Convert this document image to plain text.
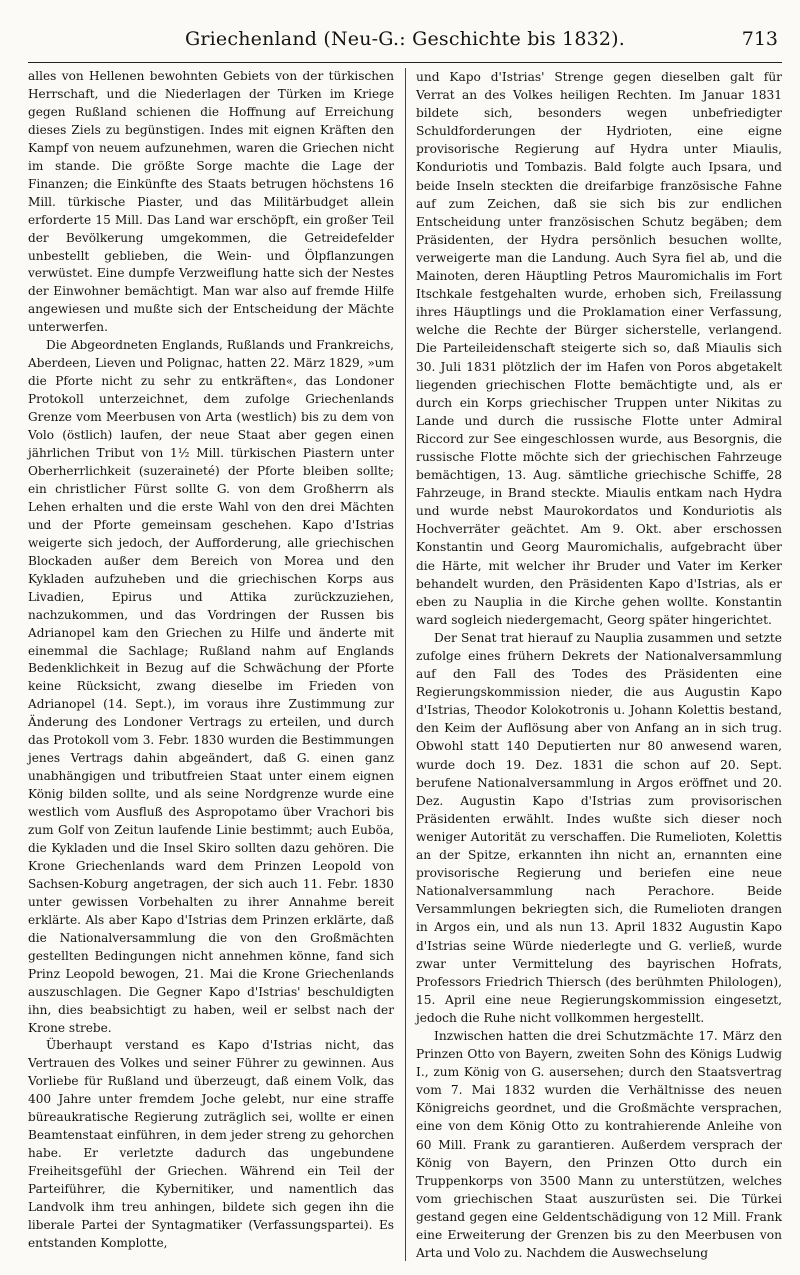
Griechenland (Neu-G.: Geschichte bis 1832).	713

alles von Hellenen bewohnten Gebiets von der türkischen Herrschaft, und die Niederlagen der Türken im Kriege gegen Rußland schienen die Hoffnung auf Erreichung dieses Ziels zu begünstigen. Indes mit eignen Kräften den Kampf von neuem aufzunehmen, waren die Griechen nicht im stande. Die größte Sorge machte die Lage der Finanzen; die Einkünfte des Staats betrugen höchstens 16 Mill. türkische Piaster, und das Militärbudget allein erforderte 15 Mill. Das Land war erschöpft, ein großer Teil der Bevölkerung umgekommen, die Getreidefelder unbestellt geblieben, die Wein- und Ölpflanzungen verwüstet. Eine dumpfe Verzweiflung hatte sich der Nestes der Einwohner bemächtigt. Man war also auf fremde Hilfe angewiesen und mußte sich der Entscheidung der Mächte unterwerfen.

Die Abgeordneten Englands, Rußlands und Frankreichs, Aberdeen, Lieven und Polignac, hatten 22. März 1829, »um die Pforte nicht zu sehr zu entkräften«, das Londoner Protokoll unterzeichnet, dem zufolge Griechenlands Grenze vom Meerbusen von Arta (westlich) bis zu dem von Volo (östlich) laufen, der neue Staat aber gegen einen jährlichen Tribut von 1½ Mill. türkischen Piastern unter Oberherrlichkeit (suzeraineté) der Pforte bleiben sollte; ein christlicher Fürst sollte G. von dem Großherrn als Lehen erhalten und die erste Wahl von den drei Mächten und der Pforte gemeinsam geschehen. Kapo d'Istrias weigerte sich jedoch, der Aufforderung, alle griechischen Blockaden außer dem Bereich von Morea und den Kykladen aufzuheben und die griechischen Korps aus Livadien, Epirus und Attika zurückzuziehen, nachzukommen, und das Vordringen der Russen bis Adrianopel kam den Griechen zu Hilfe und änderte mit einemmal die Sachlage; Rußland nahm auf Englands Bedenklichkeit in Bezug auf die Schwächung der Pforte keine Rücksicht, zwang dieselbe im Frieden von Adrianopel (14. Sept.), im voraus ihre Zustimmung zur Änderung des Londoner Vertrags zu erteilen, und durch das Protokoll vom 3. Febr. 1830 wurden die Bestimmungen jenes Vertrags dahin abgeändert, daß G. einen ganz unabhängigen und tributfreien Staat unter einem eignen König bilden sollte, und als seine Nordgrenze wurde eine westlich vom Ausfluß des Aspropotamo über Vrachori bis zum Golf von Zeitun laufende Linie bestimmt; auch Euböa, die Kykladen und die Insel Skiro sollten dazu gehören. Die Krone Griechenlands ward dem Prinzen Leopold von Sachsen-Koburg angetragen, der sich auch 11. Febr. 1830 unter gewissen Vorbehalten zu ihrer Annahme bereit erklärte. Als aber Kapo d'Istrias dem Prinzen erklärte, daß die Nationalversammlung die von den Großmächten gestellten Bedingungen nicht annehmen könne, fand sich Prinz Leopold bewogen, 21. Mai die Krone Griechenlands auszuschlagen. Die Gegner Kapo d'Istrias' beschuldigten ihn, dies beabsichtigt zu haben, weil er selbst nach der Krone strebe.

Überhaupt verstand es Kapo d'Istrias nicht, das Vertrauen des Volkes und seiner Führer zu gewinnen. Aus Vorliebe für Rußland und überzeugt, daß einem Volk, das 400 Jahre unter fremdem Joche gelebt, nur eine straffe büreaukratische Regierung zuträglich sei, wollte er einen Beamtenstaat einführen, in dem jeder streng zu gehorchen habe. Er verletzte dadurch das ungebundene Freiheitsgefühl der Griechen. Während ein Teil der Parteiführer, die Kybernitiker, und namentlich das Landvolk ihm treu anhingen, bildete sich gegen ihn die liberale Partei der Syntagmatiker (Verfassungspartei). Es entstanden Komplotte,

und Kapo d'Istrias' Strenge gegen dieselben galt für Verrat an des Volkes heiligen Rechten. Im Januar 1831 bildete sich, besonders wegen unbefriedigter Schuldforderungen der Hydrioten, eine eigne provisorische Regierung auf Hydra unter Miaulis, Konduriotis und Tombazis. Bald folgte auch Ipsara, und beide Inseln steckten die dreifarbige französische Fahne auf zum Zeichen, daß sie sich bis zur endlichen Entscheidung unter französischen Schutz begäben; dem Präsidenten, der Hydra persönlich besuchen wollte, verweigerte man die Landung. Auch Syra fiel ab, und die Mainoten, deren Häuptling Petros Mauromichalis im Fort Itschkale festgehalten wurde, erhoben sich, Freilassung ihres Häuptlings und die Proklamation einer Verfassung, welche die Rechte der Bürger sicherstelle, verlangend. Die Parteileidenschaft steigerte sich so, daß Miaulis sich 30. Juli 1831 plötzlich der im Hafen von Poros abgetakelt liegenden griechischen Flotte bemächtigte und, als er durch ein Korps griechischer Truppen unter Nikitas zu Lande und durch die russische Flotte unter Admiral Riccord zur See eingeschlossen wurde, aus Besorgnis, die russische Flotte möchte sich der griechischen Fahrzeuge bemächtigen, 13. Aug. sämtliche griechische Schiffe, 28 Fahrzeuge, in Brand steckte. Miaulis entkam nach Hydra und wurde nebst Maurokordatos und Konduriotis als Hochverräter geächtet. Am 9. Okt. aber erschossen Konstantin und Georg Mauromichalis, aufgebracht über die Härte, mit welcher ihr Bruder und Vater im Kerker behandelt wurden, den Präsidenten Kapo d'Istrias, als er eben zu Nauplia in die Kirche gehen wollte. Konstantin ward sogleich niedergemacht, Georg später hingerichtet.

Der Senat trat hierauf zu Nauplia zusammen und setzte zufolge eines frühern Dekrets der Nationalversammlung auf den Fall des Todes des Präsidenten eine Regierungskommission nieder, die aus Augustin Kapo d'Istrias, Theodor Kolokotronis u. Johann Kolettis bestand, den Keim der Auflösung aber von Anfang an in sich trug. Obwohl statt 140 Deputierten nur 80 anwesend waren, wurde doch 19. Dez. 1831 die schon auf 20. Sept. berufene Nationalversammlung in Argos eröffnet und 20. Dez. Augustin Kapo d'Istrias zum provisorischen Präsidenten erwählt. Indes wußte sich dieser noch weniger Autorität zu verschaffen. Die Rumelioten, Kolettis an der Spitze, erkannten ihn nicht an, ernannten eine provisorische Regierung und beriefen eine neue Nationalversammlung nach Perachore. Beide Versammlungen bekriegten sich, die Rumelioten drangen in Argos ein, und als nun 13. April 1832 Augustin Kapo d'Istrias seine Würde niederlegte und G. verließ, wurde zwar unter Vermittelung des bayrischen Hofrats, Professors Friedrich Thiersch (des berühmten Philologen), 15. April eine neue Regierungskommission eingesetzt, jedoch die Ruhe nicht vollkommen hergestellt.

Inzwischen hatten die drei Schutzmächte 17. März den Prinzen Otto von Bayern, zweiten Sohn des Königs Ludwig I., zum König von G. ausersehen; durch den Staatsvertrag vom 7. Mai 1832 wurden die Verhältnisse des neuen Königreichs geordnet, und die Großmächte versprachen, eine von dem König Otto zu kontrahierende Anleihe von 60 Mill. Frank zu garantieren. Außerdem versprach der König von Bayern, den Prinzen Otto durch ein Truppenkorps von 3500 Mann zu unterstützen, welches vom griechischen Staat auszurüsten sei. Die Türkei gestand gegen eine Geldentschädigung von 12 Mill. Frank eine Erweiterung der Grenzen bis zu den Meerbusen von Arta und Volo zu. Nachdem die Auswechselung
